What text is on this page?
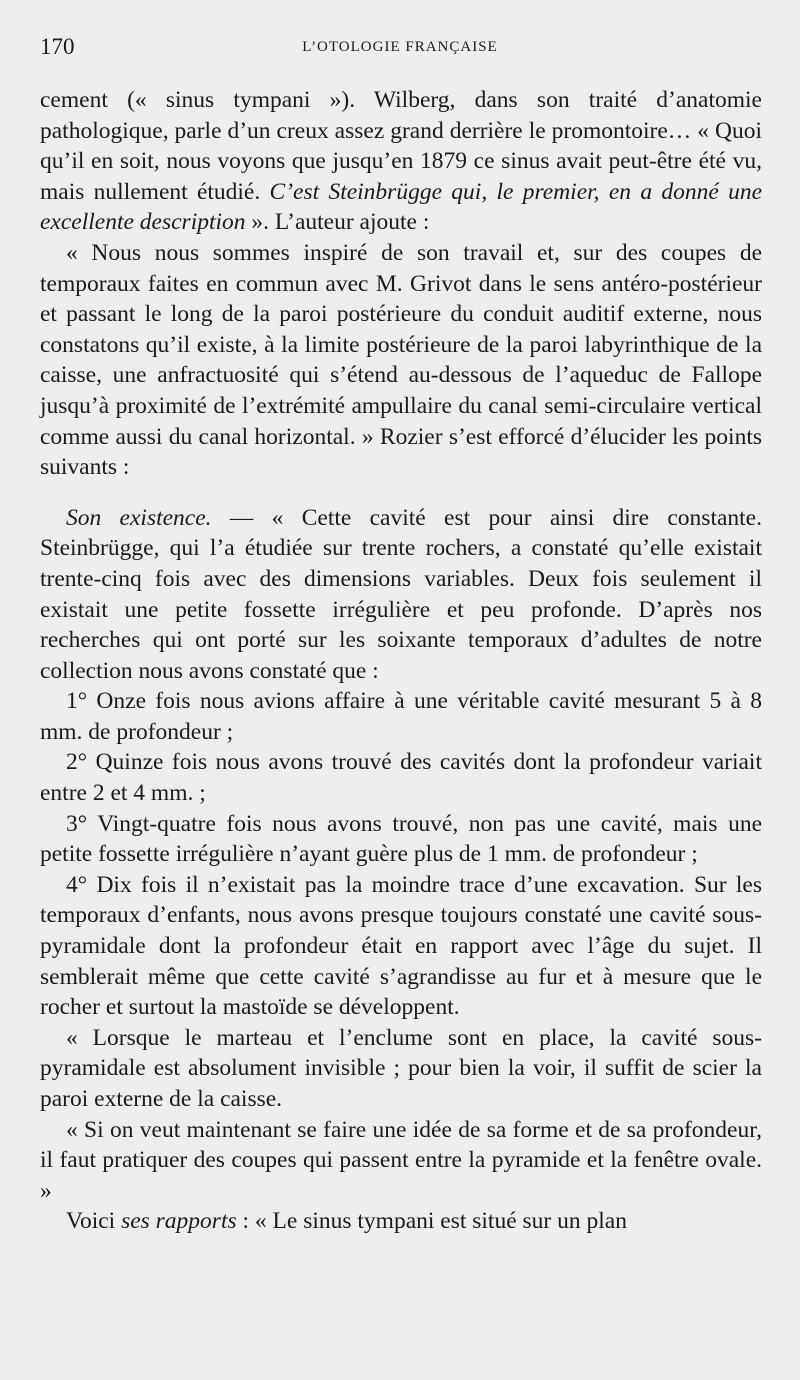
170	L’OTOLOGIE FRANÇAISE

cement (« sinus tympani »). Wilberg, dans son traité d’anatomie pathologique, parle d’un creux assez grand derrière le promontoire… « Quoi qu’il en soit, nous voyons que jusqu’en 1879 ce sinus avait peut-être été vu, mais nullement étudié. C’est Steinbrügge qui, le premier, en a donné une excellente description ». L’auteur ajoute :

« Nous nous sommes inspiré de son travail et, sur des coupes de temporaux faites en commun avec M. Grivot dans le sens antéro-postérieur et passant le long de la paroi postérieure du conduit auditif externe, nous constatons qu’il existe, à la limite postérieure de la paroi labyrinthique de la caisse, une anfractuosité qui s’étend au-dessous de l’aqueduc de Fallope jusqu’à proximité de l’extrémité ampullaire du canal semi-circulaire vertical comme aussi du canal horizontal. » Rozier s’est efforcé d’élucider les points suivants :

Son existence. — « Cette cavité est pour ainsi dire constante. Steinbrügge, qui l’a étudiée sur trente rochers, a constaté qu’elle existait trente-cinq fois avec des dimensions variables. Deux fois seulement il existait une petite fossette irrégulière et peu profonde. D’après nos recherches qui ont porté sur les soixante temporaux d’adultes de notre collection nous avons constaté que :

1° Onze fois nous avions affaire à une véritable cavité mesurant 5 à 8 mm. de profondeur ;

2° Quinze fois nous avons trouvé des cavités dont la profondeur variait entre 2 et 4 mm. ;

3° Vingt-quatre fois nous avons trouvé, non pas une cavité, mais une petite fossette irrégulière n’ayant guère plus de 1 mm. de profondeur ;

4° Dix fois il n’existait pas la moindre trace d’une excavation. Sur les temporaux d’enfants, nous avons presque toujours constaté une cavité sous-pyramidale dont la profondeur était en rapport avec l’âge du sujet. Il semblerait même que cette cavité s’agrandisse au fur et à mesure que le rocher et surtout la mastoïde se développent.

« Lorsque le marteau et l’enclume sont en place, la cavité sous-pyramidale est absolument invisible ; pour bien la voir, il suffit de scier la paroi externe de la caisse.

« Si on veut maintenant se faire une idée de sa forme et de sa profondeur, il faut pratiquer des coupes qui passent entre la pyramide et la fenêtre ovale. »

Voici ses rapports : « Le sinus tympani est situé sur un plan
